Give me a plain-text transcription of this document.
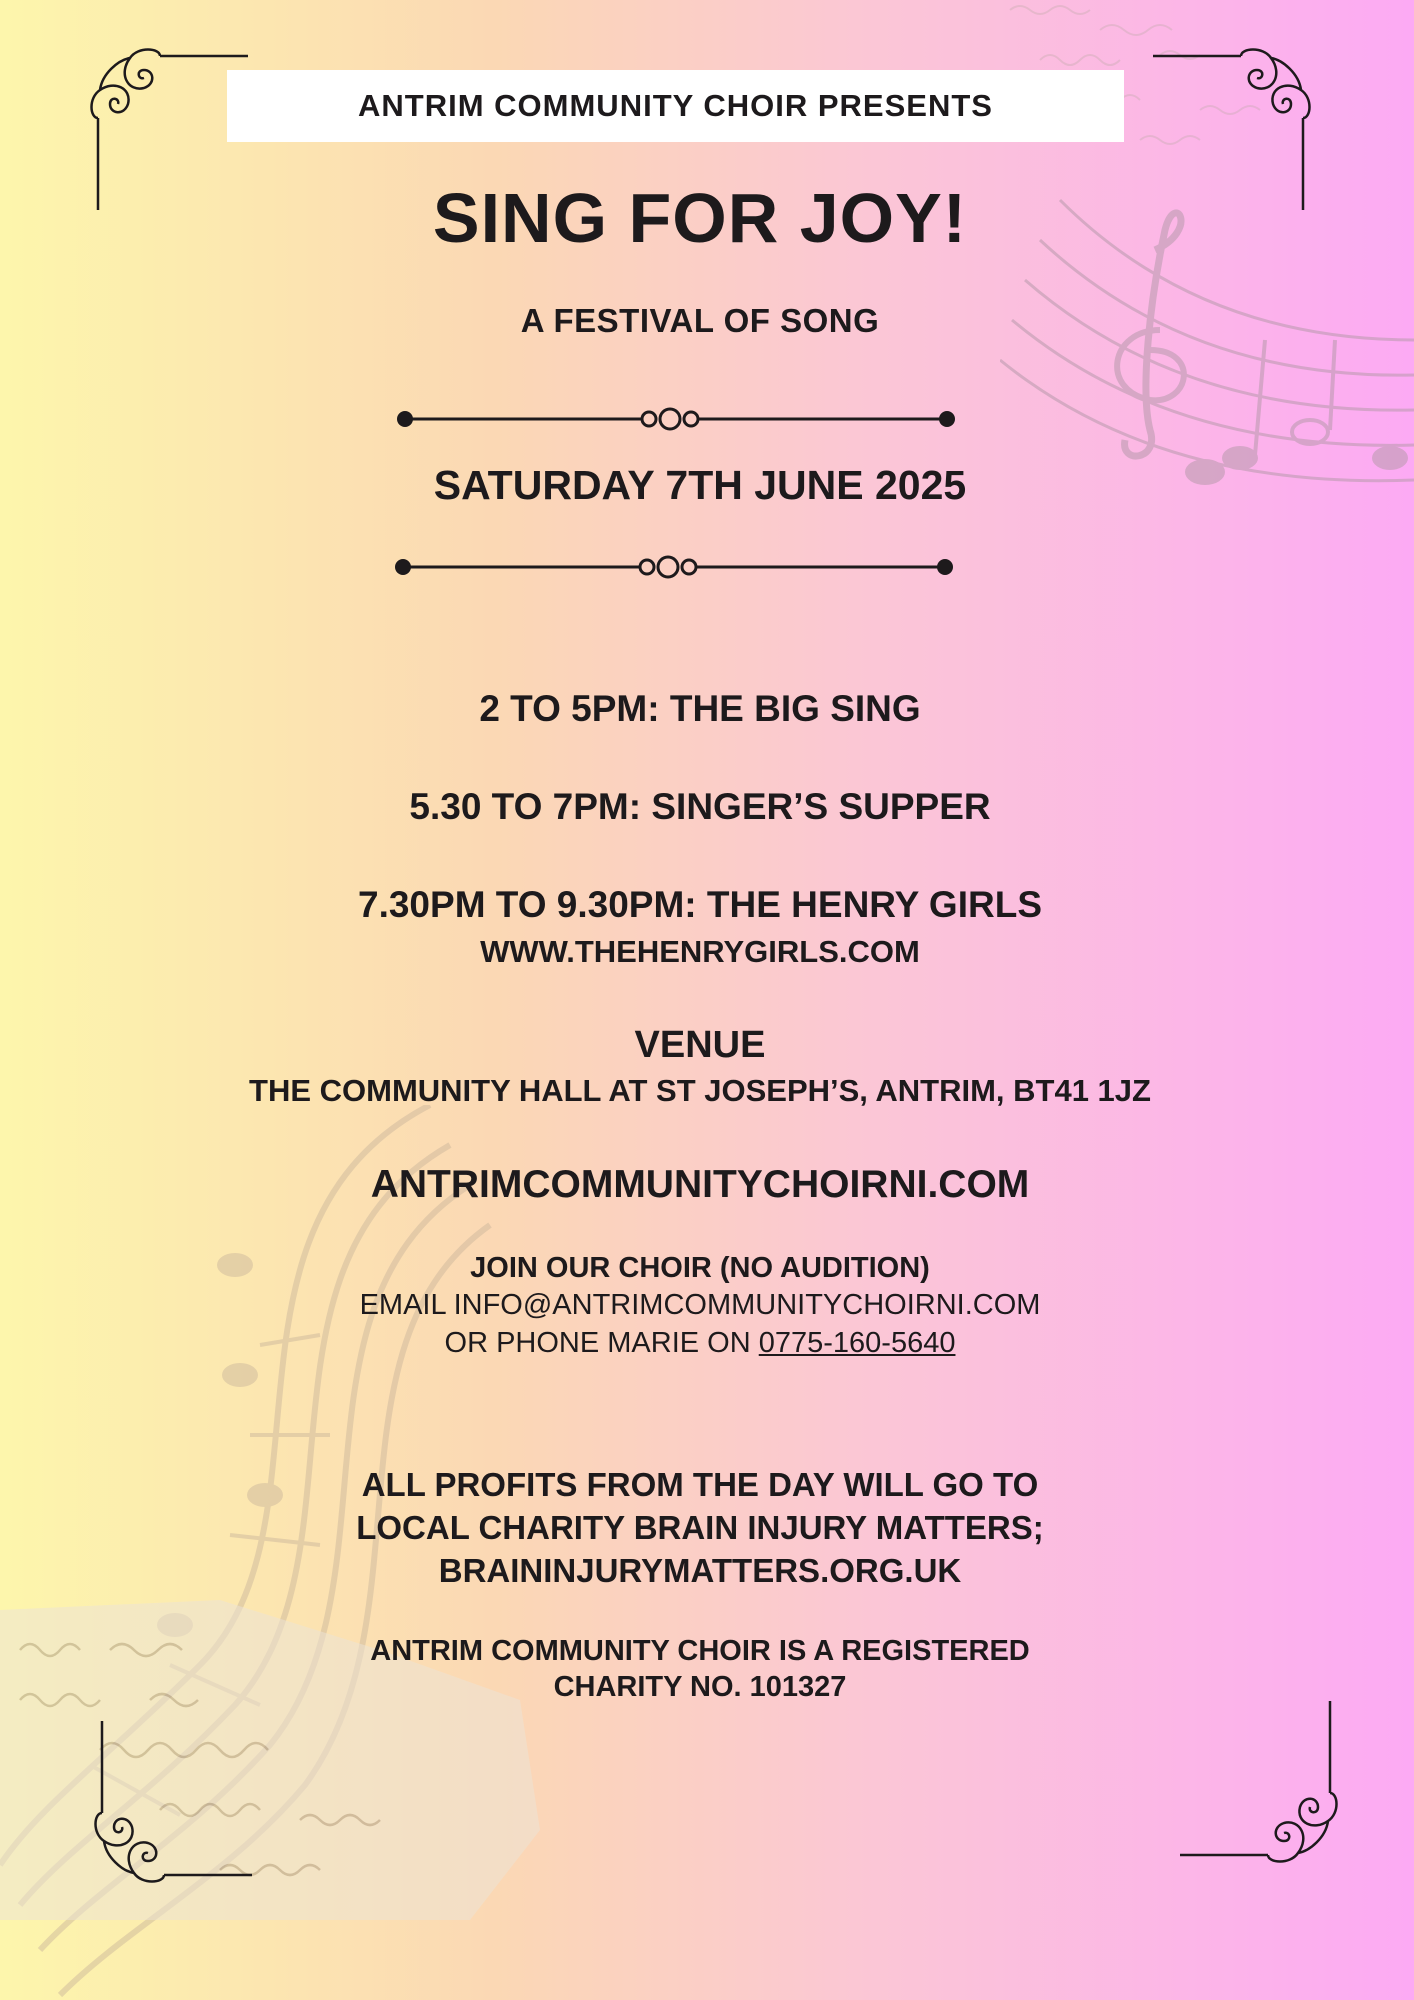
ANTRIM COMMUNITY CHOIR PRESENTS
SING FOR JOY!
A FESTIVAL OF SONG
SATURDAY 7TH JUNE 2025
2 TO 5PM: THE BIG SING
5.30 TO 7PM: SINGER’S SUPPER
7.30PM TO 9.30PM: THE HENRY GIRLS
WWW.THEHENRYGIRLS.COM
VENUE
THE COMMUNITY HALL AT ST JOSEPH’S, ANTRIM, BT41 1JZ
ANTRIMCOMMUNITYCHOIRNI.COM
JOIN OUR CHOIR (NO AUDITION)
EMAIL INFO@ANTRIMCOMMUNITYCHOIRNI.COM
OR PHONE MARIE ON 0775-160-5640
ALL PROFITS FROM THE DAY WILL GO TO
LOCAL CHARITY BRAIN INJURY MATTERS;
BRAININJURYMATTERS.ORG.UK
ANTRIM COMMUNITY CHOIR IS A REGISTERED
CHARITY NO. 101327
